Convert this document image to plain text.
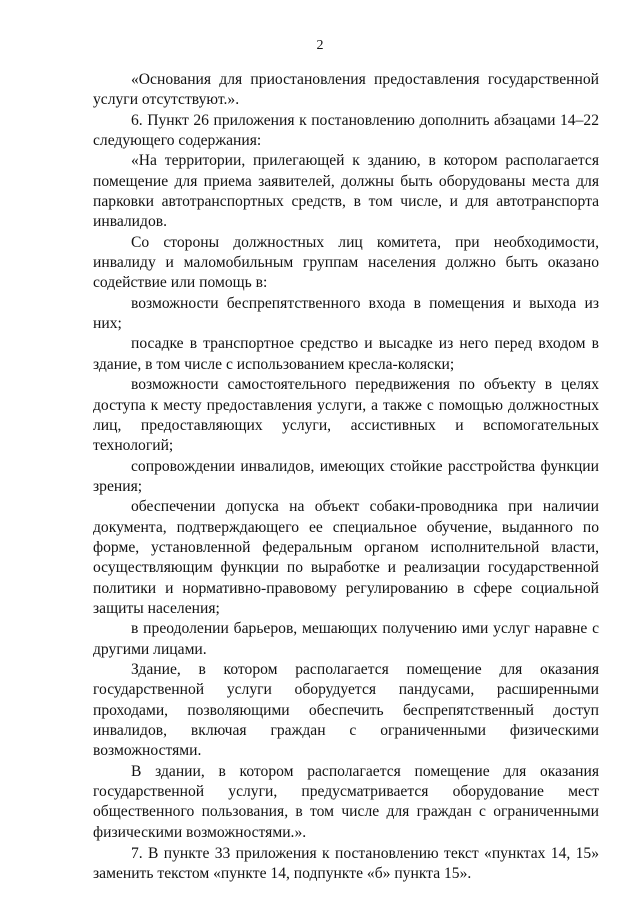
2

«Основания для приостановления предоставления государственной услуги отсутствуют.».

6. Пункт 26 приложения к постановлению дополнить абзацами 14–22 следующего содержания:

«На территории, прилегающей к зданию, в котором располагается помещение для приема заявителей, должны быть оборудованы места для парковки автотранспортных средств, в том числе, и для автотранспорта инвалидов.

Со стороны должностных лиц комитета, при необходимости, инвалиду и маломобильным группам населения должно быть оказано содействие или помощь в:

возможности беспрепятственного входа в помещения и выхода из них;

посадке в транспортное средство и высадке из него перед входом в здание, в том числе с использованием кресла-коляски;

возможности самостоятельного передвижения по объекту в целях доступа к месту предоставления услуги, а также с помощью должностных лиц, предоставляющих услуги, ассистивных и вспомогательных технологий;

сопровождении инвалидов, имеющих стойкие расстройства функции зрения;

обеспечении допуска на объект собаки-проводника при наличии документа, подтверждающего ее специальное обучение, выданного по форме, установленной федеральным органом исполнительной власти, осуществляющим функции по выработке и реализации государственной политики и нормативно-правовому регулированию в сфере социальной защиты населения;

в преодолении барьеров, мешающих получению ими услуг наравне с другими лицами.

Здание, в котором располагается помещение для оказания государственной услуги оборудуется пандусами, расширенными проходами, позволяющими обеспечить беспрепятственный доступ инвалидов, включая граждан с ограниченными физическими возможностями.

В здании, в котором располагается помещение для оказания государственной услуги, предусматривается оборудование мест общественного пользования, в том числе для граждан с ограниченными физическими возможностями.».

7. В пункте 33 приложения к постановлению текст «пунктах 14, 15» заменить текстом «пункте 14, подпункте «б» пункта 15».
